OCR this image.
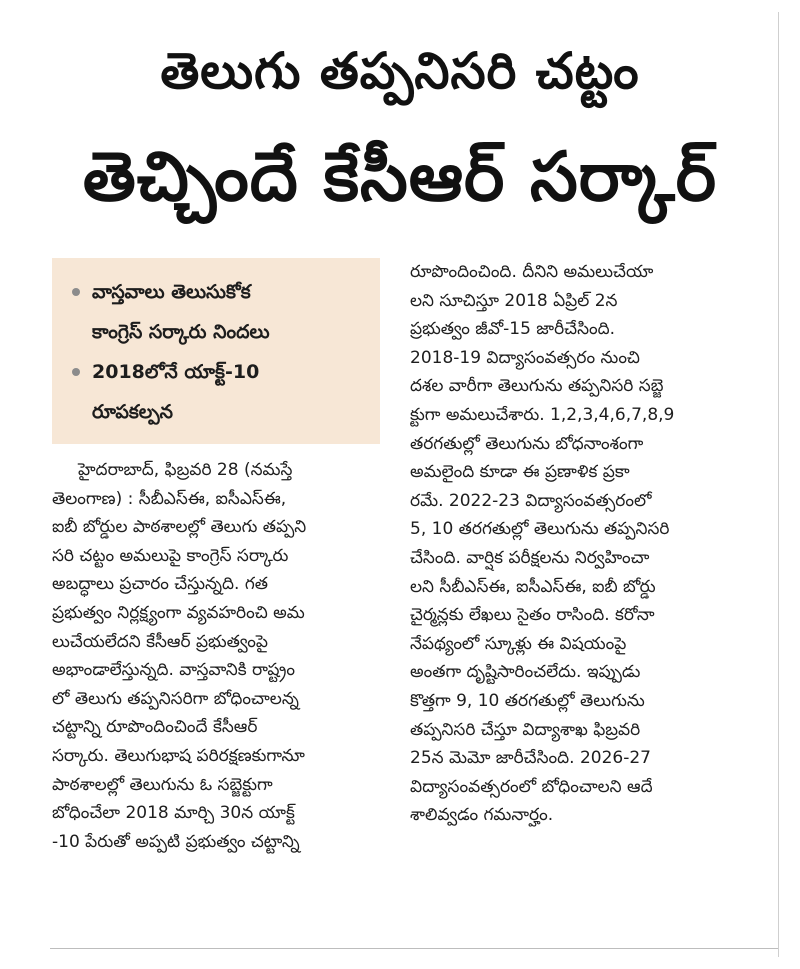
తెలుగు తప్పనిసరి చట్టం
తెచ్చిందే కేసీఆర్ సర్కార్
వాస్తవాలు తెలుసుకోక
కాంగ్రెస్ సర్కారు నిందలు
2018లోనే యాక్ట్-10
రూపకల్పన
హైదరాబాద్, ఫిబ్రవరి 28 (నమస్తే
తెలంగాణ) : సీబీఎస్ఈ, ఐసీఎస్ఈ,
ఐబీ బోర్డుల పాఠశాలల్లో తెలుగు తప్పని
సరి చట్టం అమలుపై కాంగ్రెస్ సర్కారు
అబద్ధాలు ప్రచారం చేస్తున్నది. గత
ప్రభుత్వం నిర్లక్ష్యంగా వ్యవహరించి అమ
లుచేయలేదని కేసీఆర్ ప్రభుత్వంపై
అభాండాలేస్తున్నది. వాస్తవానికి రాష్ట్రం
లో తెలుగు తప్పనిసరిగా బోధించాలన్న
చట్టాన్ని రూపొందించిందే కేసీఆర్
సర్కారు. తెలుగుభాష పరిరక్షణకుగానూ
పాఠశాలల్లో తెలుగును ఓ సబ్జెక్టుగా
బోధించేలా 2018 మార్చి 30న యాక్ట్
-10 పేరుతో అప్పటి ప్రభుత్వం చట్టాన్ని
రూపొందించింది. దీనిని అమలుచేయా
లని సూచిస్తూ 2018 ఏప్రిల్ 2న
ప్రభుత్వం జీవో-15 జారీచేసింది.
2018-19 విద్యాసంవత్సరం నుంచి
దశల వారీగా తెలుగును తప్పనిసరి సబ్జె
క్టుగా అమలుచేశారు. 1,2,3,4,6,7,8,9
తరగతుల్లో తెలుగును బోధనాంశంగా
అమలైంది కూడా ఈ ప్రణాళిక ప్రకా
రమే. 2022-23 విద్యాసంవత్సరంలో
5, 10 తరగతుల్లో తెలుగును తప్పనిసరి
చేసింది. వార్షిక పరీక్షలను నిర్వహించా
లని సీబీఎస్ఈ, ఐసీఎస్ఈ, ఐబీ బోర్డు
చైర్మన్లకు లేఖలు సైతం రాసింది. కరోనా
నేపథ్యంలో స్కూళ్లు ఈ విషయంపై
అంతగా దృష్టిసారించలేదు. ఇప్పుడు
కొత్తగా 9, 10 తరగతుల్లో తెలుగును
తప్పనిసరి చేస్తూ విద్యాశాఖ ఫిబ్రవరి
25న మెమో జారీచేసింది. 2026-27
విద్యాసంవత్సరంలో బోధించాలని ఆదే
శాలివ్వడం గమనార్హం.
